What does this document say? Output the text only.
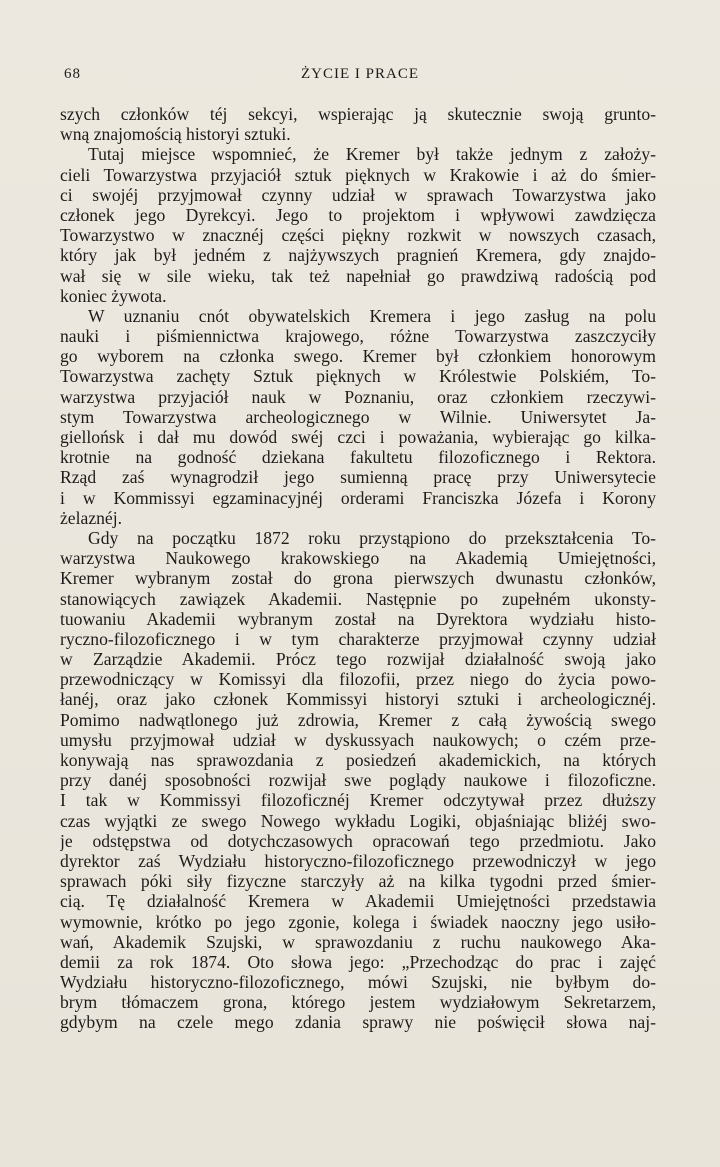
68	ŻYCIE I PRACE
szych członków téj sekcyi, wspierając ją skutecznie swoją grunto-
wną znajomością historyi sztuki.
Tutaj miejsce wspomnieć, że Kremer był także jednym z założy-
cieli Towarzystwa przyjaciół sztuk pięknych w Krakowie i aż do śmier-
ci swojéj przyjmował czynny udział w sprawach Towarzystwa jako
członek jego Dyrekcyi. Jego to projektom i wpływowi zawdzięcza
Towarzystwo w znacznéj części piękny rozkwit w nowszych czasach,
który jak był jedném z najżywszych pragnień Kremera, gdy znajdo-
wał się w sile wieku, tak też napełniał go prawdziwą radością pod
koniec żywota.
W uznaniu cnót obywatelskich Kremera i jego zasług na polu
nauki i piśmiennictwa krajowego, różne Towarzystwa zaszczyciły
go wyborem na członka swego. Kremer był członkiem honorowym
Towarzystwa zachęty Sztuk pięknych w Królestwie Polskiém, To-
warzystwa przyjaciół nauk w Poznaniu, oraz członkiem rzeczywi-
stym Towarzystwa archeologicznego w Wilnie. Uniwersytet Ja-
giellońsk i dał mu dowód swéj czci i poważania, wybierając go kilka-
krotnie na godność dziekana fakultetu filozoficznego i Rektora.
Rząd zaś wynagrodził jego sumienną pracę przy Uniwersytecie
i w Kommissyi egzaminacyjnéj orderami Franciszka Józefa i Korony
żelaznéj.
Gdy na początku 1872 roku przystąpiono do przekształcenia To-
warzystwa Naukowego krakowskiego na Akademią Umiejętności,
Kremer wybranym został do grona pierwszych dwunastu członków,
stanowiących zawiązek Akademii. Następnie po zupełném ukonsty-
tuowaniu Akademii wybranym został na Dyrektora wydziału histo-
ryczno-filozoficznego i w tym charakterze przyjmował czynny udział
w Zarządzie Akademii. Prócz tego rozwijał działalność swoją jako
przewodniczący w Komissyi dla filozofii, przez niego do życia powo-
łanéj, oraz jako członek Kommissyi historyi sztuki i archeologicznéj.
Pomimo nadwątlonego już zdrowia, Kremer z całą żywością swego
umysłu przyjmował udział w dyskussyach naukowych; o czém prze-
konywają nas sprawozdania z posiedzeń akademickich, na których
przy danéj sposobności rozwijał swe poglądy naukowe i filozoficzne.
I tak w Kommissyi filozoficznéj Kremer odczytywał przez dłuższy
czas wyjątki ze swego Nowego wykładu Logiki, objaśniając bliżéj swo-
je odstępstwa od dotychczasowych opracowań tego przedmiotu. Jako
dyrektor zaś Wydziału historyczno-filozoficznego przewodniczył w jego
sprawach póki siły fizyczne starczyły aż na kilka tygodni przed śmier-
cią. Tę działalność Kremera w Akademii Umiejętności przedstawia
wymownie, krótko po jego zgonie, kolega i świadek naoczny jego usiło-
wań, Akademik Szujski, w sprawozdaniu z ruchu naukowego Aka-
demii za rok 1874. Oto słowa jego: „Przechodząc do prac i zajęć
Wydziału historyczno-filozoficznego, mówi Szujski, nie byłbym do-
brym tłómaczem grona, którego jestem wydziałowym Sekretarzem,
gdybym na czele mego zdania sprawy nie poświęcił słowa naj-
